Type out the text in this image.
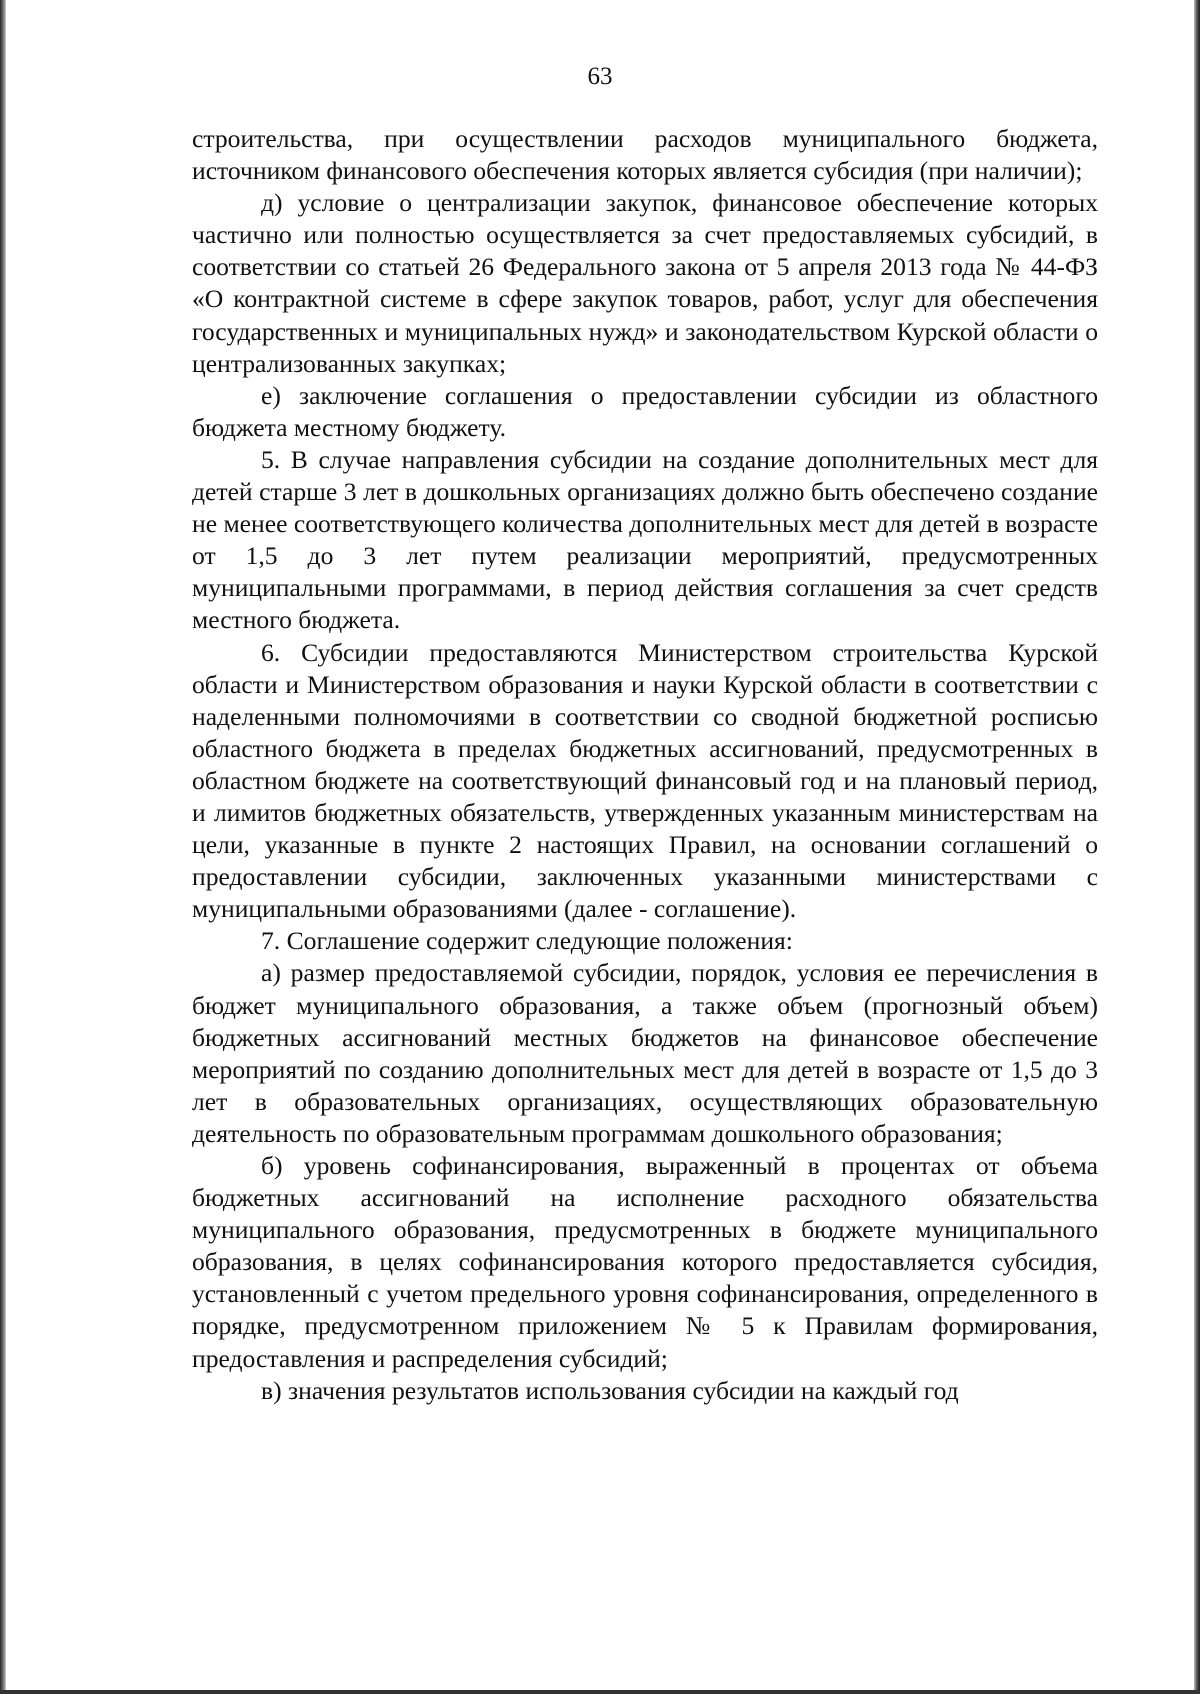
63

строительства, при осуществлении расходов муниципального бюджета, источником финансового обеспечения которых является субсидия (при наличии);

д) условие о централизации закупок, финансовое обеспечение которых частично или полностью осуществляется за счет предоставляемых субсидий, в соответствии со статьей 26 Федерального закона от 5 апреля 2013 года № 44-ФЗ «О контрактной системе в сфере закупок товаров, работ, услуг для обеспечения государственных и муниципальных нужд» и законодательством Курской области о централизованных закупках;

е) заключение соглашения о предоставлении субсидии из областного бюджета местному бюджету.

5. В случае направления субсидии на создание дополнительных мест для детей старше 3 лет в дошкольных организациях должно быть обеспечено создание не менее соответствующего количества дополнительных мест для детей в возрасте от 1,5 до 3 лет путем реализации мероприятий, предусмотренных муниципальными программами, в период действия соглашения за счет средств местного бюджета.

6. Субсидии предоставляются Министерством строительства Курской области и Министерством образования и науки Курской области в соответствии с наделенными полномочиями в соответствии со сводной бюджетной росписью областного бюджета в пределах бюджетных ассигнований, предусмотренных в областном бюджете на соответствующий финансовый год и на плановый период, и лимитов бюджетных обязательств, утвержденных указанным министерствам на цели, указанные в пункте 2 настоящих Правил, на основании соглашений о предоставлении субсидии, заключенных указанными министерствами с муниципальными образованиями (далее - соглашение).

7. Соглашение содержит следующие положения:

а) размер предоставляемой субсидии, порядок, условия ее перечисления в бюджет муниципального образования, а также объем (прогнозный объем) бюджетных ассигнований местных бюджетов на финансовое обеспечение мероприятий по созданию дополнительных мест для детей в возрасте от 1,5 до 3 лет в образовательных организациях, осуществляющих образовательную деятельность по образовательным программам дошкольного образования;

б) уровень софинансирования, выраженный в процентах от объема бюджетных ассигнований на исполнение расходного обязательства муниципального образования, предусмотренных в бюджете муниципального образования, в целях софинансирования которого предоставляется субсидия, установленный с учетом предельного уровня софинансирования, определенного в порядке, предусмотренном приложением № 5 к Правилам формирования, предоставления и распределения субсидий;

в) значения результатов использования субсидии на каждый год
